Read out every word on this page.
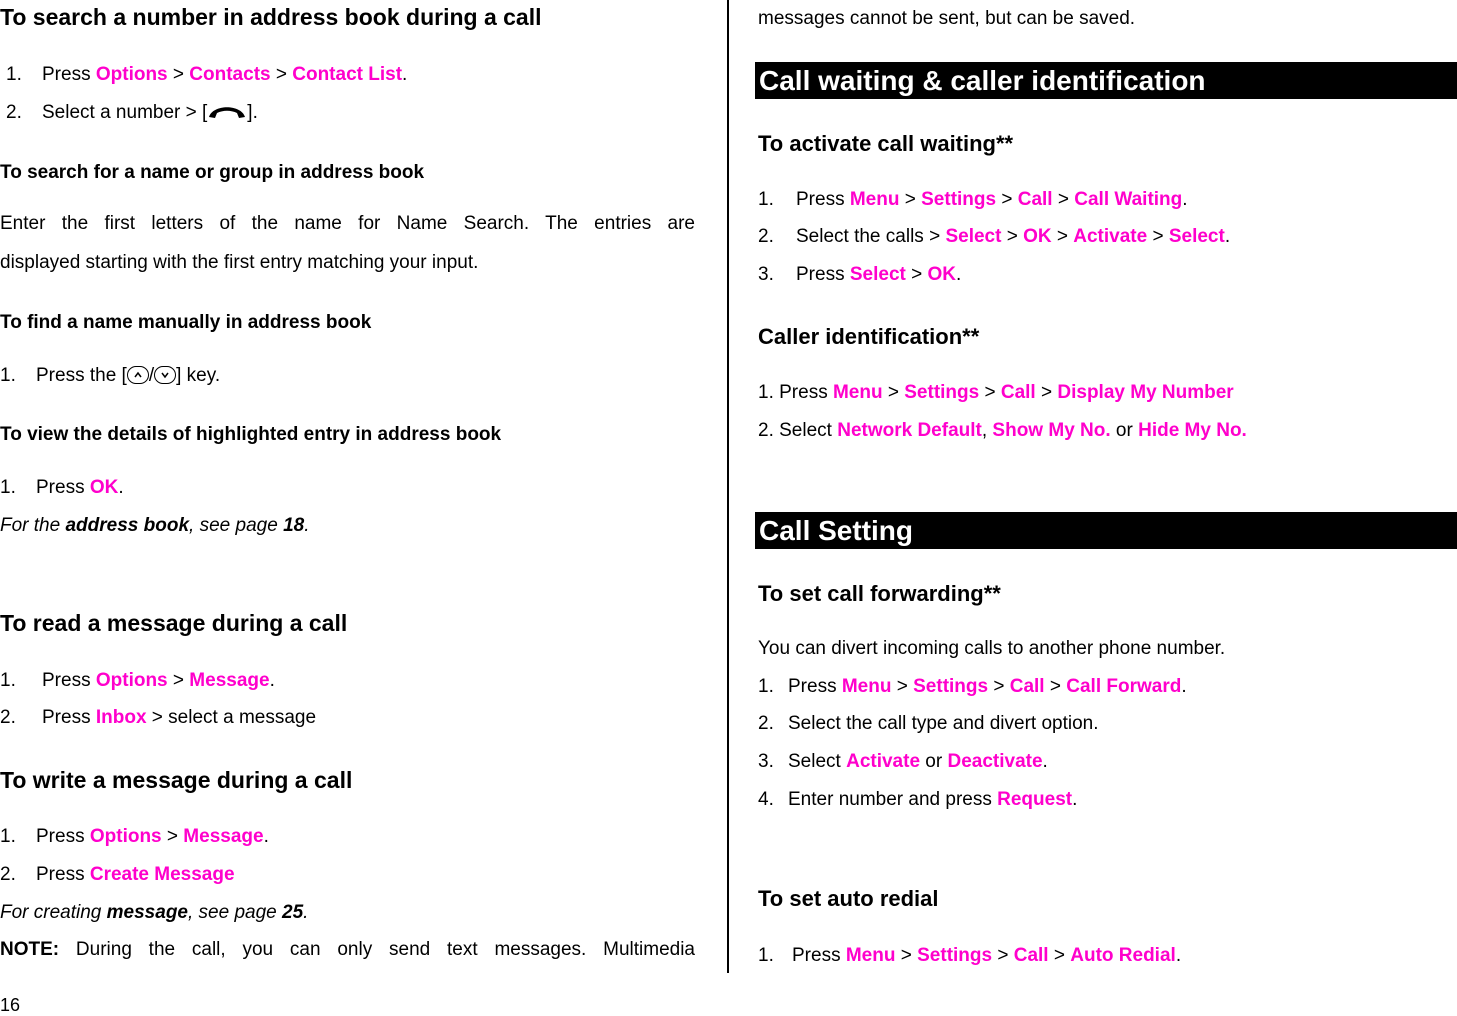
To search a number in address book during a call
1. Press Options > Contacts > Contact List.
2. Select a number > [ ].
To search for a name or group in address book
Enter the first letters of the name for Name Search. The entries are
displayed starting with the first entry matching your input.
To find a name manually in address book
1. Press the [ / ] key.
To view the details of highlighted entry in address book
1. Press OK.
For the address book, see page 18.
To read a message during a call
1. Press Options > Message.
2. Press Inbox > select a message
To write a message during a call
1. Press Options > Message.
2. Press Create Message
For creating message, see page 25.
NOTE: During the call, you can only send text messages. Multimedia
16
messages cannot be sent, but can be saved.
Call waiting & caller identification
To activate call waiting**
1. Press Menu > Settings > Call > Call Waiting.
2. Select the calls > Select > OK > Activate > Select.
3. Press Select > OK.
Caller identification**
1. Press Menu > Settings > Call > Display My Number
2. Select Network Default, Show My No. or Hide My No.
Call Setting
To set call forwarding**
You can divert incoming calls to another phone number.
1. Press Menu > Settings > Call > Call Forward.
2. Select the call type and divert option.
3. Select Activate or Deactivate.
4. Enter number and press Request.
To set auto redial
1. Press Menu > Settings > Call > Auto Redial.
